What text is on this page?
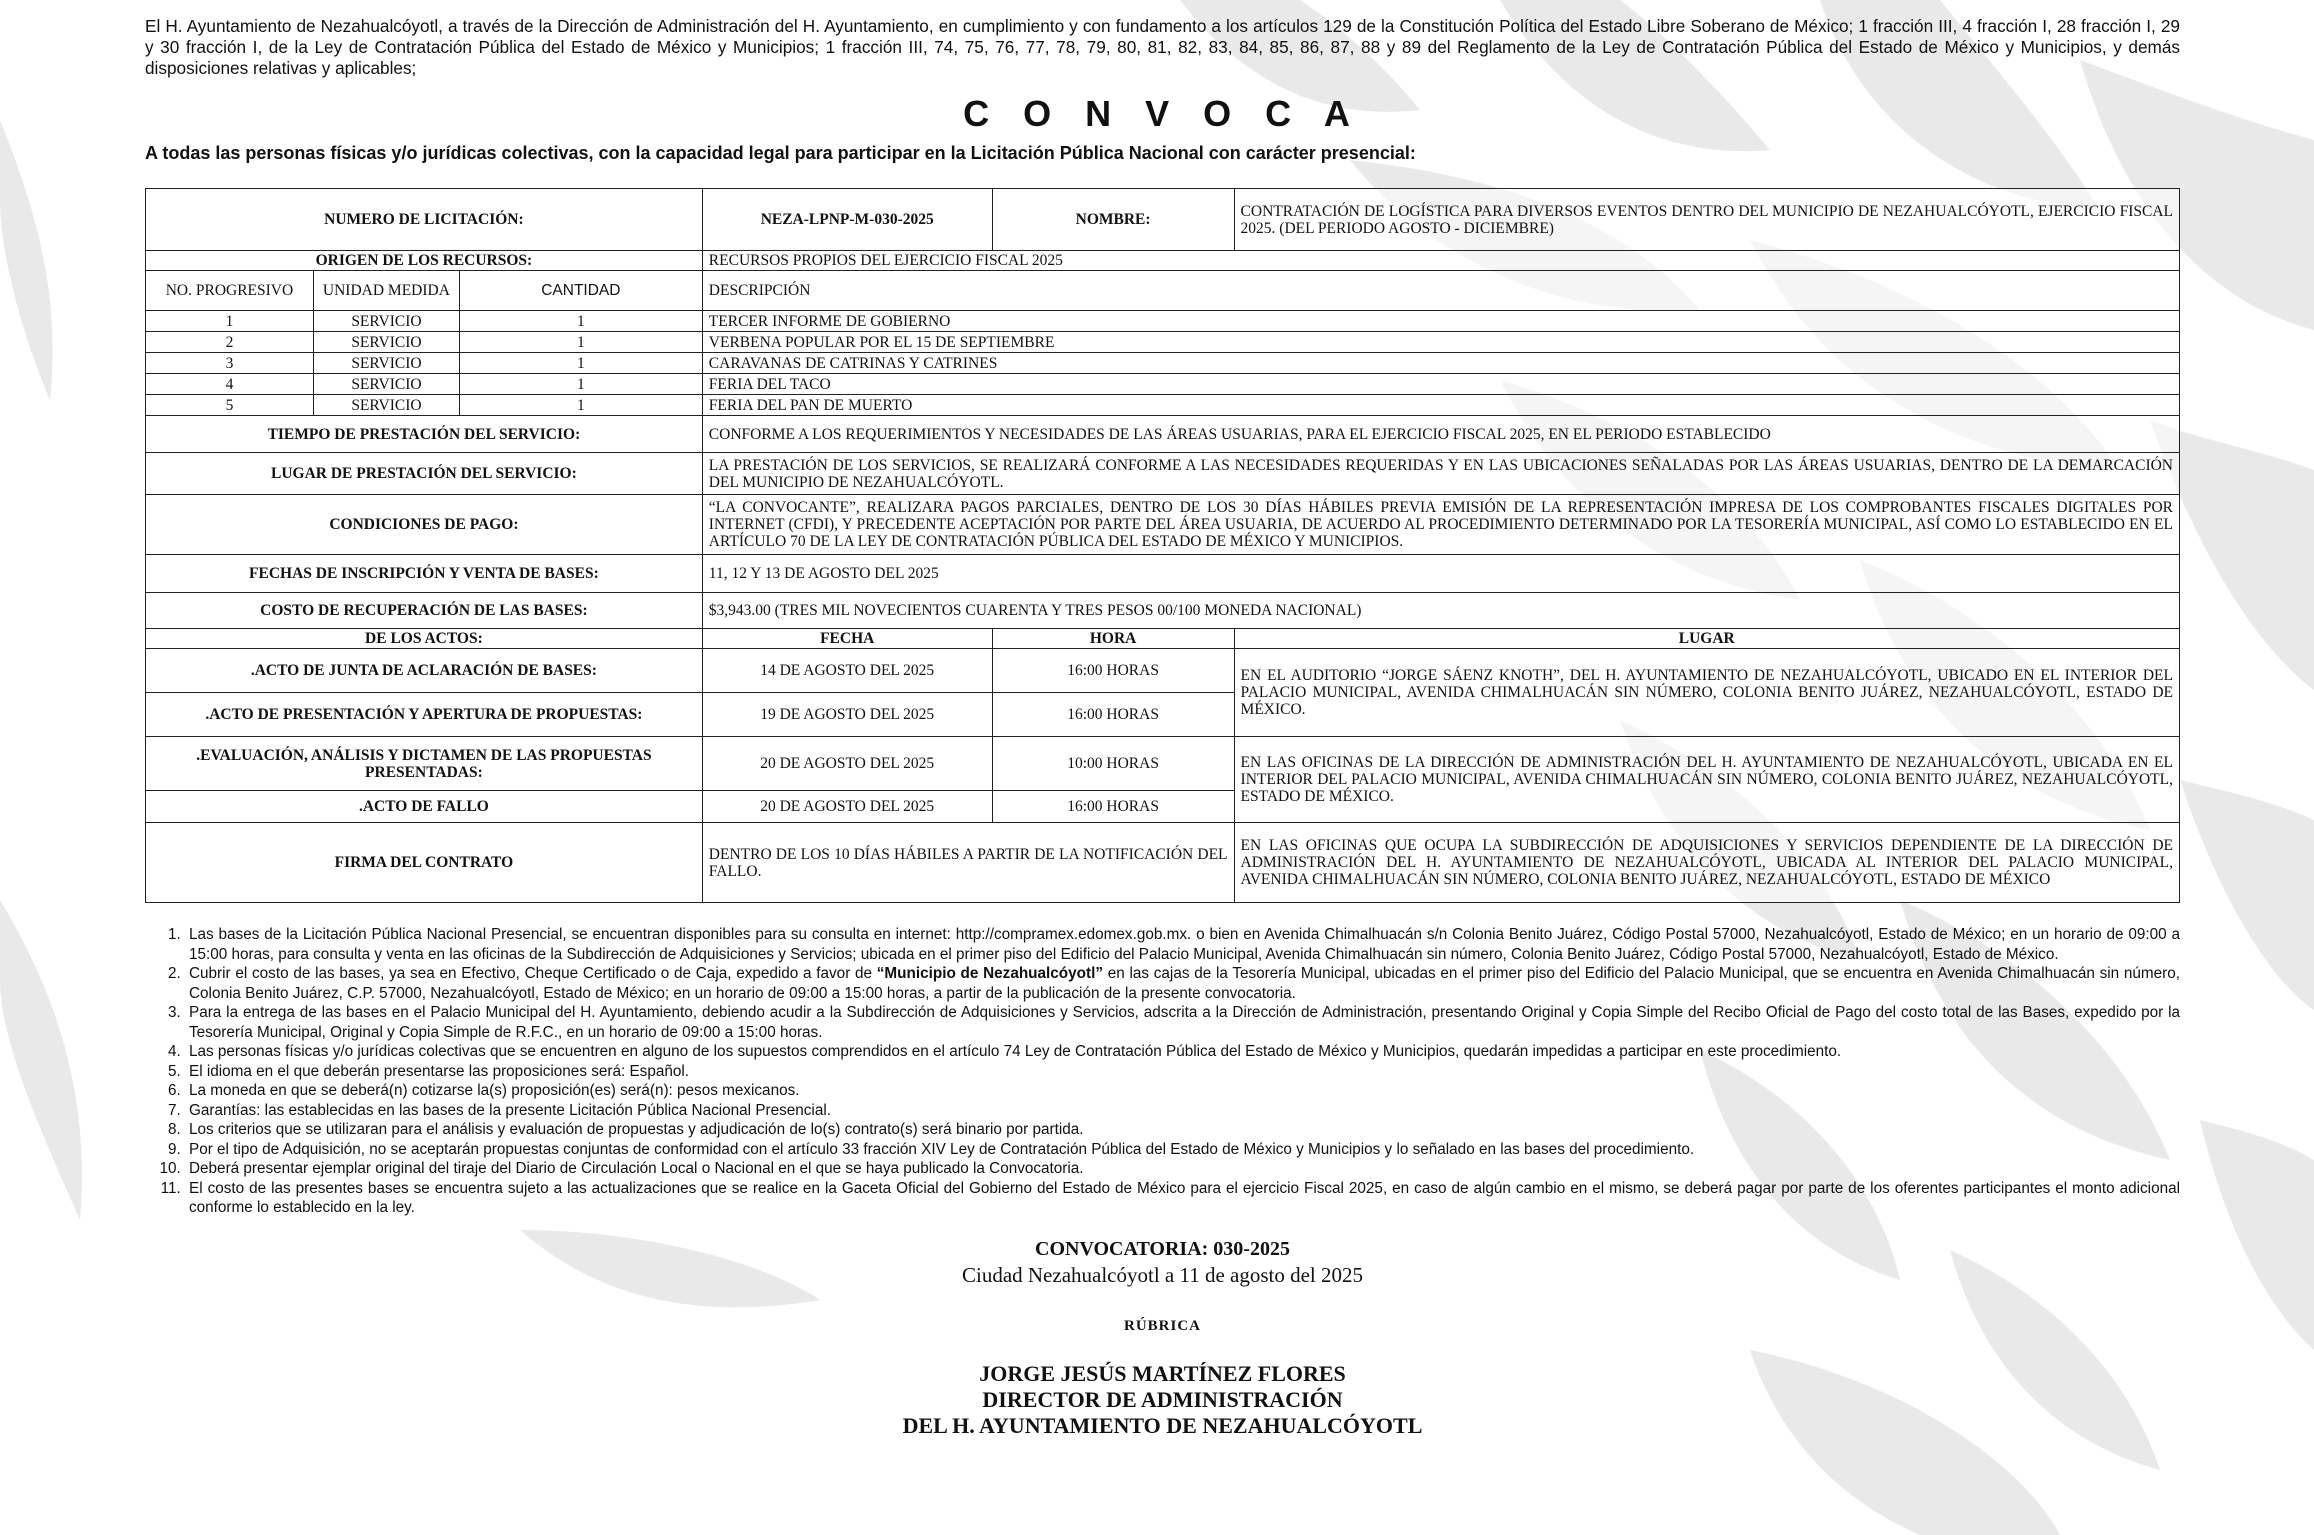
El H. Ayuntamiento de Nezahualcóyotl, a través de la Dirección de Administración del H. Ayuntamiento, en cumplimiento y con fundamento a los artículos 129 de la Constitución Política del Estado Libre Soberano de México; 1 fracción III, 4 fracción I, 28 fracción I, 29 y 30 fracción I, de la Ley de Contratación Pública del Estado de México y Municipios; 1 fracción III, 74, 75, 76, 77, 78, 79, 80, 81, 82, 83, 84, 85, 86, 87, 88 y 89 del Reglamento de la Ley de Contratación Pública del Estado de México y Municipios, y demás disposiciones relativas y aplicables;

C O N V O C A

A todas las personas físicas y/o jurídicas colectivas, con la capacidad legal para participar en la Licitación Pública Nacional con carácter presencial:

NUMERO DE LICITACIÓN:			NEZA-LPNP-M-030-2025	NOMBRE:	CONTRATACIÓN DE LOGÍSTICA PARA DIVERSOS EVENTOS DENTRO DEL MUNICIPIO DE NEZAHUALCÓYOTL, EJERCICIO FISCAL 2025. (DEL PERIODO AGOSTO - DICIEMBRE)
ORIGEN DE LOS RECURSOS:			RECURSOS PROPIOS DEL EJERCICIO FISCAL 2025		
NO. PROGRESIVO	UNIDAD MEDIDA	CANTIDAD	DESCRIPCIÓN		
1	SERVICIO	1	TERCER INFORME DE GOBIERNO		
2	SERVICIO	1	VERBENA POPULAR POR EL 15 DE SEPTIEMBRE		
3	SERVICIO	1	CARAVANAS DE CATRINAS Y CATRINES		
4	SERVICIO	1	FERIA DEL TACO		
5	SERVICIO	1	FERIA DEL PAN DE MUERTO		
TIEMPO DE PRESTACIÓN DEL SERVICIO:			CONFORME A LOS REQUERIMIENTOS Y NECESIDADES DE LAS ÁREAS USUARIAS, PARA EL EJERCICIO FISCAL 2025, EN EL PERIODO ESTABLECIDO		
LUGAR DE PRESTACIÓN DEL SERVICIO:			LA PRESTACIÓN DE LOS SERVICIOS, SE REALIZARÁ CONFORME A LAS NECESIDADES REQUERIDAS Y EN LAS UBICACIONES SEÑALADAS POR LAS ÁREAS USUARIAS, DENTRO DE LA DEMARCACIÓN DEL MUNICIPIO DE NEZAHUALCÓYOTL.		
CONDICIONES DE PAGO:			“LA CONVOCANTE”, REALIZARA PAGOS PARCIALES, DENTRO DE LOS 30 DÍAS HÁBILES PREVIA EMISIÓN DE LA REPRESENTACIÓN IMPRESA DE LOS COMPROBANTES FISCALES DIGITALES POR INTERNET (CFDI), Y PRECEDENTE ACEPTACIÓN POR PARTE DEL ÁREA USUARIA, DE ACUERDO AL PROCEDIMIENTO DETERMINADO POR LA TESORERÍA MUNICIPAL, ASÍ COMO LO ESTABLECIDO EN EL ARTÍCULO 70 DE LA LEY DE CONTRATACIÓN PÚBLICA DEL ESTADO DE MÉXICO Y MUNICIPIOS.		
FECHAS DE INSCRIPCIÓN Y VENTA DE BASES:			11, 12 Y 13 DE AGOSTO DEL 2025		
COSTO DE RECUPERACIÓN DE LAS BASES:			$3,943.00 (TRES MIL NOVECIENTOS CUARENTA Y TRES PESOS 00/100 MONEDA NACIONAL)		
DE LOS ACTOS:			FECHA	HORA	LUGAR
.ACTO DE JUNTA DE ACLARACIÓN DE BASES:			14 DE AGOSTO DEL 2025	16:00 HORAS	EN EL AUDITORIO “JORGE SÁENZ KNOTH”, DEL H. AYUNTAMIENTO DE NEZAHUALCÓYOTL, UBICADO EN EL INTERIOR DEL PALACIO MUNICIPAL, AVENIDA CHIMALHUACÁN SIN NÚMERO, COLONIA BENITO JUÁREZ, NEZAHUALCÓYOTL, ESTADO DE MÉXICO.
.ACTO DE PRESENTACIÓN Y APERTURA DE PROPUESTAS:			19 DE AGOSTO DEL 2025	16:00 HORAS	
.EVALUACIÓN, ANÁLISIS Y DICTAMEN DE LAS PROPUESTAS PRESENTADAS:			20 DE AGOSTO DEL 2025	10:00 HORAS	EN LAS OFICINAS DE LA DIRECCIÓN DE ADMINISTRACIÓN DEL H. AYUNTAMIENTO DE NEZAHUALCÓYOTL, UBICADA EN EL INTERIOR DEL PALACIO MUNICIPAL, AVENIDA CHIMALHUACÁN SIN NÚMERO, COLONIA BENITO JUÁREZ, NEZAHUALCÓYOTL, ESTADO DE MÉXICO.
.ACTO DE FALLO			20 DE AGOSTO DEL 2025	16:00 HORAS	
FIRMA DEL CONTRATO			DENTRO DE LOS 10 DÍAS HÁBILES A PARTIR DE LA NOTIFICACIÓN DEL FALLO.		EN LAS OFICINAS QUE OCUPA LA SUBDIRECCIÓN DE ADQUISICIONES Y SERVICIOS DEPENDIENTE DE LA DIRECCIÓN DE ADMINISTRACIÓN DEL H. AYUNTAMIENTO DE NEZAHUALCÓYOTL, UBICADA AL INTERIOR DEL PALACIO MUNICIPAL, AVENIDA CHIMALHUACÁN SIN NÚMERO, COLONIA BENITO JUÁREZ, NEZAHUALCÓYOTL, ESTADO DE MÉXICO
1. Las bases de la Licitación Pública Nacional Presencial, se encuentran disponibles para su consulta en internet: http://compramex.edomex.gob.mx. o bien en Avenida Chimalhuacán s/n Colonia Benito Juárez, Código Postal 57000, Nezahualcóyotl, Estado de México; en un horario de 09:00 a 15:00 horas, para consulta y venta en las oficinas de la Subdirección de Adquisiciones y Servicios; ubicada en el primer piso del Edificio del Palacio Municipal, Avenida Chimalhuacán sin número, Colonia Benito Juárez, Código Postal 57000, Nezahualcóyotl, Estado de México.
2. Cubrir el costo de las bases, ya sea en Efectivo, Cheque Certificado o de Caja, expedido a favor de “Municipio de Nezahualcóyotl” en las cajas de la Tesorería Municipal, ubicadas en el primer piso del Edificio del Palacio Municipal, que se encuentra en Avenida Chimalhuacán sin número, Colonia Benito Juárez, C.P. 57000, Nezahualcóyotl, Estado de México; en un horario de 09:00 a 15:00 horas, a partir de la publicación de la presente convocatoria.
3. Para la entrega de las bases en el Palacio Municipal del H. Ayuntamiento, debiendo acudir a la Subdirección de Adquisiciones y Servicios, adscrita a la Dirección de Administración, presentando Original y Copia Simple del Recibo Oficial de Pago del costo total de las Bases, expedido por la Tesorería Municipal, Original y Copia Simple de R.F.C., en un horario de 09:00 a 15:00 horas.
4. Las personas físicas y/o jurídicas colectivas que se encuentren en alguno de los supuestos comprendidos en el artículo 74 Ley de Contratación Pública del Estado de México y Municipios, quedarán impedidas a participar en este procedimiento.
5. El idioma en el que deberán presentarse las proposiciones será: Español.
6. La moneda en que se deberá(n) cotizarse la(s) proposición(es) será(n): pesos mexicanos.
7. Garantías: las establecidas en las bases de la presente Licitación Pública Nacional Presencial.
8. Los criterios que se utilizaran para el análisis y evaluación de propuestas y adjudicación de lo(s) contrato(s) será binario por partida.
9. Por el tipo de Adquisición, no se aceptarán propuestas conjuntas de conformidad con el artículo 33 fracción XIV Ley de Contratación Pública del Estado de México y Municipios y lo señalado en las bases del procedimiento.
10. Deberá presentar ejemplar original del tiraje del Diario de Circulación Local o Nacional en el que se haya publicado la Convocatoria.
11. El costo de las presentes bases se encuentra sujeto a las actualizaciones que se realice en la Gaceta Oficial del Gobierno del Estado de México para el ejercicio Fiscal 2025, en caso de algún cambio en el mismo, se deberá pagar por parte de los oferentes participantes el monto adicional conforme lo establecido en la ley.
CONVOCATORIA: 030-2025
Ciudad Nezahualcóyotl a 11 de agosto del 2025
RÚBRICA
JORGE JESÚS MARTÍNEZ FLORES
DIRECTOR DE ADMINISTRACIÓN
DEL H. AYUNTAMIENTO DE NEZAHUALCÓYOTL
